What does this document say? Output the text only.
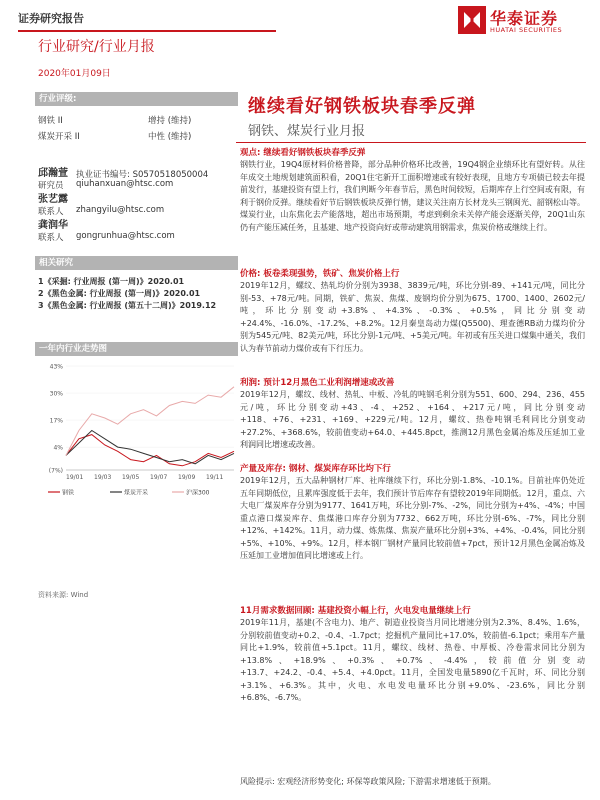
证券研究报告	华泰证券
HUATAI SECURITIES
行业研究/行业月报
2020年01月09日
行业评级:
钢铁 II	增持 (维持)
煤炭开采 II	中性 (维持)
邱瀚萱
研究员
执业证书编号: S0570518050004
qiuhanxuan@htsc.com
张艺露
联系人 zhangyilu@htsc.com
龚润华
联系人 gongrunhua@htsc.com
相关研究
1《采掘: 行业周报 (第一周)》2020.01
2《黑色金属: 行业周报 (第一周)》2020.01
3《黑色金属: 行业周报 (第五十二周)》2019.12
一年内行业走势图
43%
30%
17%
4%
(7%)
19/01 19/03 19/05 19/07 19/09 19/11
钢铁	煤炭开采	沪深300
资料来源: Wind
继续看好钢铁板块春季反弹
钢铁、煤炭行业月报
观点: 继续看好钢铁板块春季反弹

钢铁行业，19Q4原材料价格普降，部分品种价格环比改善，19Q4钢企业绩环比有望好转。从往年成交土地规划建筑面积看，20Q1住宅新开工面积增速或有较好表现，且地方专项债已较去年提前发行，基建投资有望上行，我们判断今年春节后，黑色时间较短，后期库存上行空间或有限，有利于钢价反弹。继续看好节后钢铁板块反弹行情，建议关注南方长材龙头三钢闽光、韶钢松山等。煤炭行业，山东焦化去产能落地，超出市场预期，考虑到剩余未关停产能会逐渐关停，20Q1山东仍有产能压减任务，且基建、地产投资向好或带动建筑用钢需求，焦炭价格或继续上行。

价格: 板卷柔现强势，铁矿、焦炭价格上行

2019年12月，螺纹、热轧均价分别为3938、3839元/吨，环比分别-89、+141元/吨，同比分别-53、+78元/吨。同期，铁矿、焦炭、焦煤、废钢均价分别为675、1700、1400、2602元/吨，环比分别变动+3.8%、+4.3%、-0.3%、+0.5%，同比分别变动+24.4%、-16.0%、-17.2%、+8.2%。12月秦皇岛动力煤(Q5500)、理查德RB动力煤均价分别为545元/吨、82美元/吨，环比分别-1元/吨、+5美元/吨。年初或有压关进口煤集中通关，我们认为春节前动力煤价或有下行压力。

利润: 预计12月黑色工业利润增速或改善

2019年12月，螺纹、线材、热轧、中板、冷轧的吨钢毛利分别为551、600、294、236、455元/吨，环比分别变动+43、-4、+252、+164、+217元/吨，同比分别变动+118、+76、+231、+169、+229元/吨。12月，螺纹、热卷吨钢毛利同比分别变动+27.2%、+368.6%，较前值变动+64.0、+445.8pct，推测12月黑色金属冶炼及压延加工业利润同比增速或改善。

产量及库存: 钢材、煤炭库存环比均下行

2019年12月，五大品种钢材厂库、社库继续下行，环比分别-1.8%、-10.1%。目前社库仍处近五年同期低位，且累库强度低于去年，我们预计节后库存有望较2019年同期低。12月，重点、六大电厂煤炭库存分别为9177、1641万吨，环比分别-7%、-2%，同比分别为+4%、-4%；中国重点港口煤炭库存、焦煤港口库存分别为7732、662万吨，环比分别-6%、-7%，同比分别+12%、+142%。11月，动力煤、炼焦煤、焦炭产量环比分别+3%、+4%、-0.4%，同比分别+5%、+10%、+9%。12月，样本钢厂钢材产量同比较前值+7pct，预计12月黑色金属冶炼及压延加工业增加值同比增速或上行。

11月需求数据回顾: 基建投资小幅上行，火电发电量继续上行

2019年11月，基建(不含电力)、地产、制造业投资当月同比增速分别为2.3%、8.4%、1.6%，分别较前值变动+0.2、-0.4、-1.7pct；挖掘机产量同比+17.0%，较前值-6.1pct；乘用车产量同比+1.9%，较前值+5.1pct。11月，螺纹、线材、热卷、中厚板、冷卷需求同比分别为+13.8%、+18.9%、+0.3%、+0.7%、-4.4%，较前值分别变动+13.7、+24.2、-0.4、+5.4、+4.0pct。11月，全国发电量5890亿千瓦时，环、同比分别+3.1%、+6.3%。其中，火电、水电发电量环比分别+9.0%、-23.6%，同比分别+6.8%、-6.7%。

风险提示: 宏观经济形势变化; 环保等政策风险; 下游需求增速低于预期。
